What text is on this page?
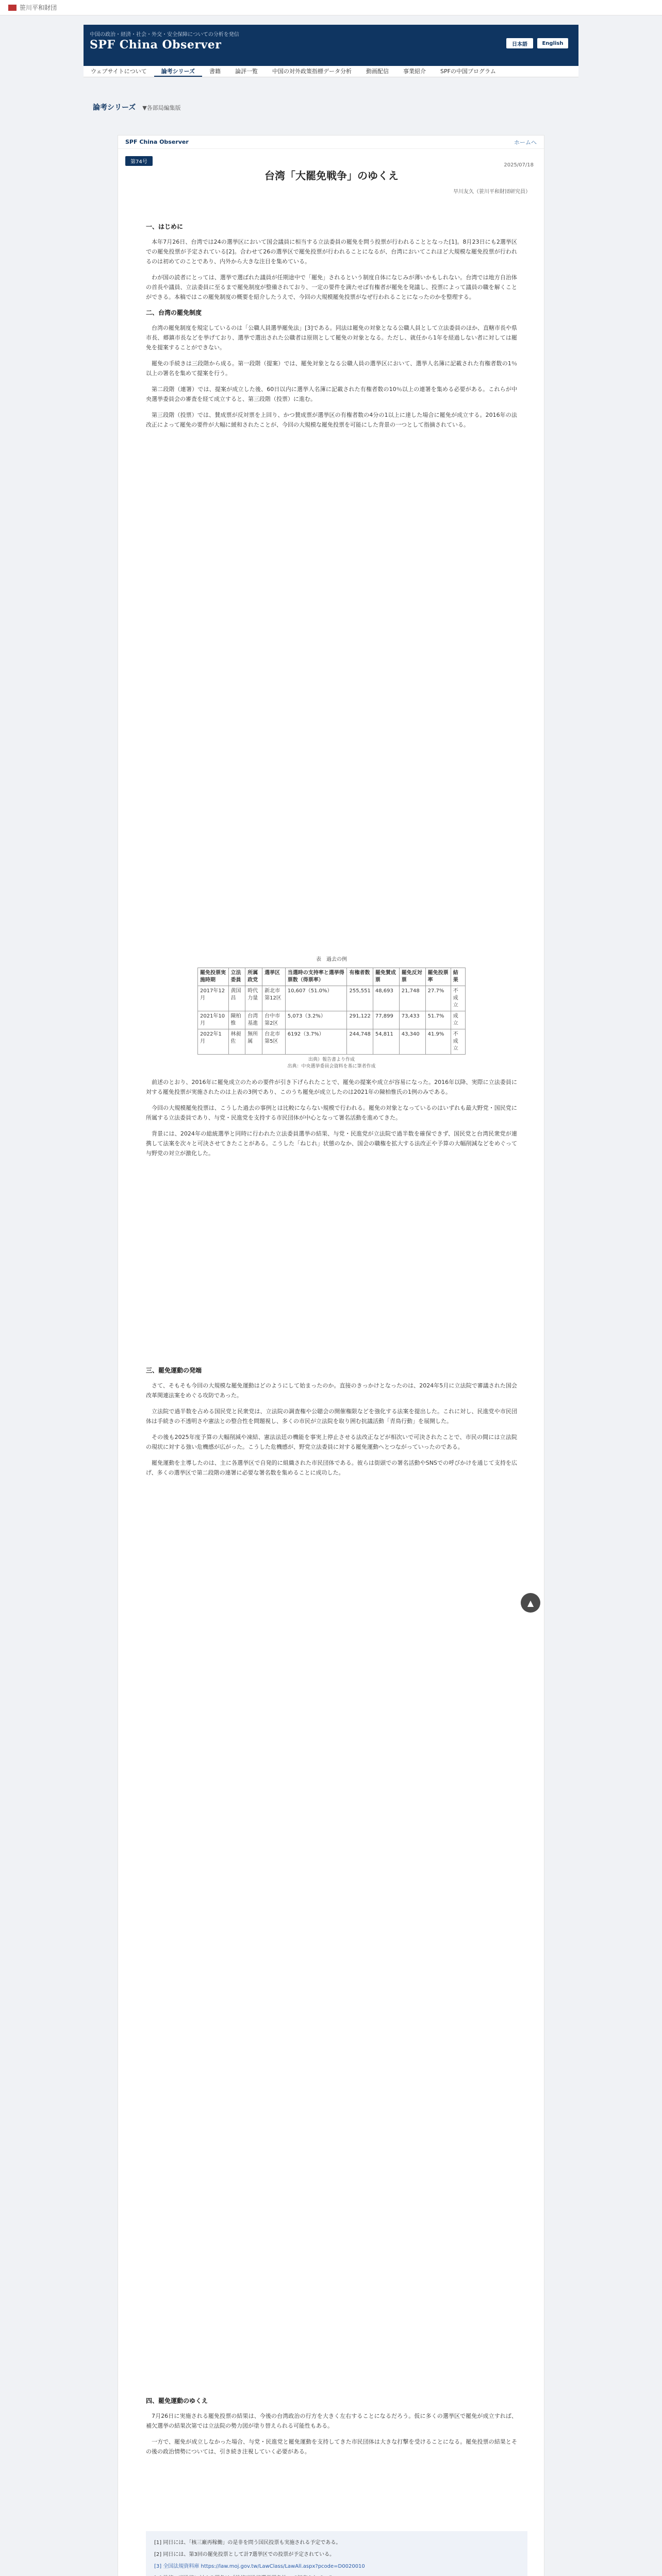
笹川平和財団
中国の政治・経済・社会・外交・安全保障についての分析を発信
SPF China Observer	日本語	English
ウェブサイトについて	論考シリーズ	書籍	論評一覧	中国の対外政策指標データ分析	動画配信	事業紹介	SPFの中国プログラム
論考シリーズ ▼各部局編集版
SPF China Observer	ホームへ
第74号
2025/07/18
台湾「大罷免戦争」のゆくえ
早川友久（笹川平和財団研究員）
一、はじめに

本年7月26日、台湾では24の選挙区において国会議員に相当する立法委員の罷免を問う投票が行われることとなった[1]。8月23日にも2選挙区での罷免投票が予定されている[2]。合わせて26の選挙区で罷免投票が行われることになるが、台湾においてこれほど大規模な罷免投票が行われるのは初めてのことであり、内外から大きな注目を集めている。

わが国の読者にとっては、選挙で選ばれた議員が任期途中で「罷免」されるという制度自体になじみが薄いかもしれない。台湾では地方自治体の首長や議員、立法委員に至るまで罷免制度が整備されており、一定の要件を満たせば有権者が罷免を発議し、投票によって議員の職を解くことができる。本稿ではこの罷免制度の概要を紹介したうえで、今回の大規模罷免投票がなぜ行われることになったのかを整理する。

二、台湾の罷免制度

台湾の罷免制度を規定しているのは「公職人員選挙罷免法」[3]である。同法は罷免の対象となる公職人員として立法委員のほか、直轄市長や県市長、郷鎮市長などを挙げており、選挙で選出された公職者は原則として罷免の対象となる。ただし、就任から1年を経過しない者に対しては罷免を提案することができない。

罷免の手続きは三段階から成る。第一段階（提案）では、罷免対象となる公職人員の選挙区において、選挙人名簿に記載された有権者数の1％以上の署名を集めて提案を行う。

第二段階（連署）では、提案が成立した後、60日以内に選挙人名簿に記載された有権者数の10％以上の連署を集める必要がある。これらが中央選挙委員会の審査を経て成立すると、第三段階（投票）に進む。

第三段階（投票）では、賛成票が反対票を上回り、かつ賛成票が選挙区の有権者数の4分の1以上に達した場合に罷免が成立する。2016年の法改正によって罷免の要件が大幅に緩和されたことが、今回の大規模な罷免投票を可能にした背景の一つとして指摘されている。

表　過去の例
罷免投票実施時期	立法委員	所属政党	選挙区	当選時の支持率と選挙得票数（得票率）	有権者数	罷免賛成票	罷免反対票	罷免投票率	結果
2017年12月	黄国昌	時代力量	新北市第12区	10,607（51.0%）	255,551	48,693	21,748	27.7%	不成立
2021年10月	陳柏惟	台湾基進	台中市第2区	5,073（3.2%）	291,122	77,899	73,433	51.7%	成立
2022年1月	林昶佐	無所属	台北市第5区	6192（3.7%）	244,748	54,811	43,340	41.9%	不成立
出典）報告書より作成
出典：中央選挙委員会資料を基に筆者作成

前述のとおり、2016年に罷免成立のための要件が引き下げられたことで、罷免の提案や成立が容易になった。2016年以降、実際に立法委員に対する罷免投票が実施されたのは上表の3例であり、このうち罷免が成立したのは2021年の陳柏惟氏の1例のみである。

今回の大規模罷免投票は、こうした過去の事例とは比較にならない規模で行われる。罷免の対象となっているのはいずれも最大野党・国民党に所属する立法委員であり、与党・民進党を支持する市民団体が中心となって署名活動を進めてきた。

背景には、2024年の総統選挙と同時に行われた立法委員選挙の結果、与党・民進党が立法院で過半数を確保できず、国民党と台湾民衆党が連携して法案を次々と可決させてきたことがある。こうした「ねじれ」状態のなか、国会の職権を拡大する法改正や予算の大幅削減などをめぐって与野党の対立が激化した。

三、罷免運動の発端

さて、そもそも今回の大規模な罷免運動はどのようにして始まったのか。直接のきっかけとなったのは、2024年5月に立法院で審議された国会改革関連法案をめぐる攻防であった。

立法院で過半数を占める国民党と民衆党は、立法院の調査権や公聴会の開催権限などを強化する法案を提出した。これに対し、民進党や市民団体は手続きの不透明さや憲法との整合性を問題視し、多くの市民が立法院を取り囲む抗議活動「青鳥行動」を展開した。

その後も2025年度予算の大幅削減や凍結、憲法法廷の機能を事実上停止させる法改正などが相次いで可決されたことで、市民の間には立法院の現状に対する強い危機感が広がった。こうした危機感が、野党立法委員に対する罷免運動へとつながっていったのである。

罷免運動を主導したのは、主に各選挙区で自発的に組織された市民団体である。彼らは街頭での署名活動やSNSでの呼びかけを通じて支持を広げ、多くの選挙区で第二段階の連署に必要な署名数を集めることに成功した。

四、罷免運動のゆくえ

7月26日に実施される罷免投票の結果は、今後の台湾政治の行方を大きく左右することになるだろう。仮に多くの選挙区で罷免が成立すれば、補欠選挙の結果次第では立法院の勢力図が塗り替えられる可能性もある。

一方で、罷免が成立しなかった場合、与党・民進党と罷免運動を支持してきた市民団体は大きな打撃を受けることになる。罷免投票の結果とその後の政治情勢については、引き続き注視していく必要がある。

[1] 同日には、「核三廠再稼働」の是非を問う国民投票も実施される予定である。
[2] 同日には、第3回の罷免投票として計7選挙区での投票が予定されている。
[3] 全国法規資料庫 https://law.moj.gov.tw/LawClass/LawAll.aspx?pcode=D0020010
▲
